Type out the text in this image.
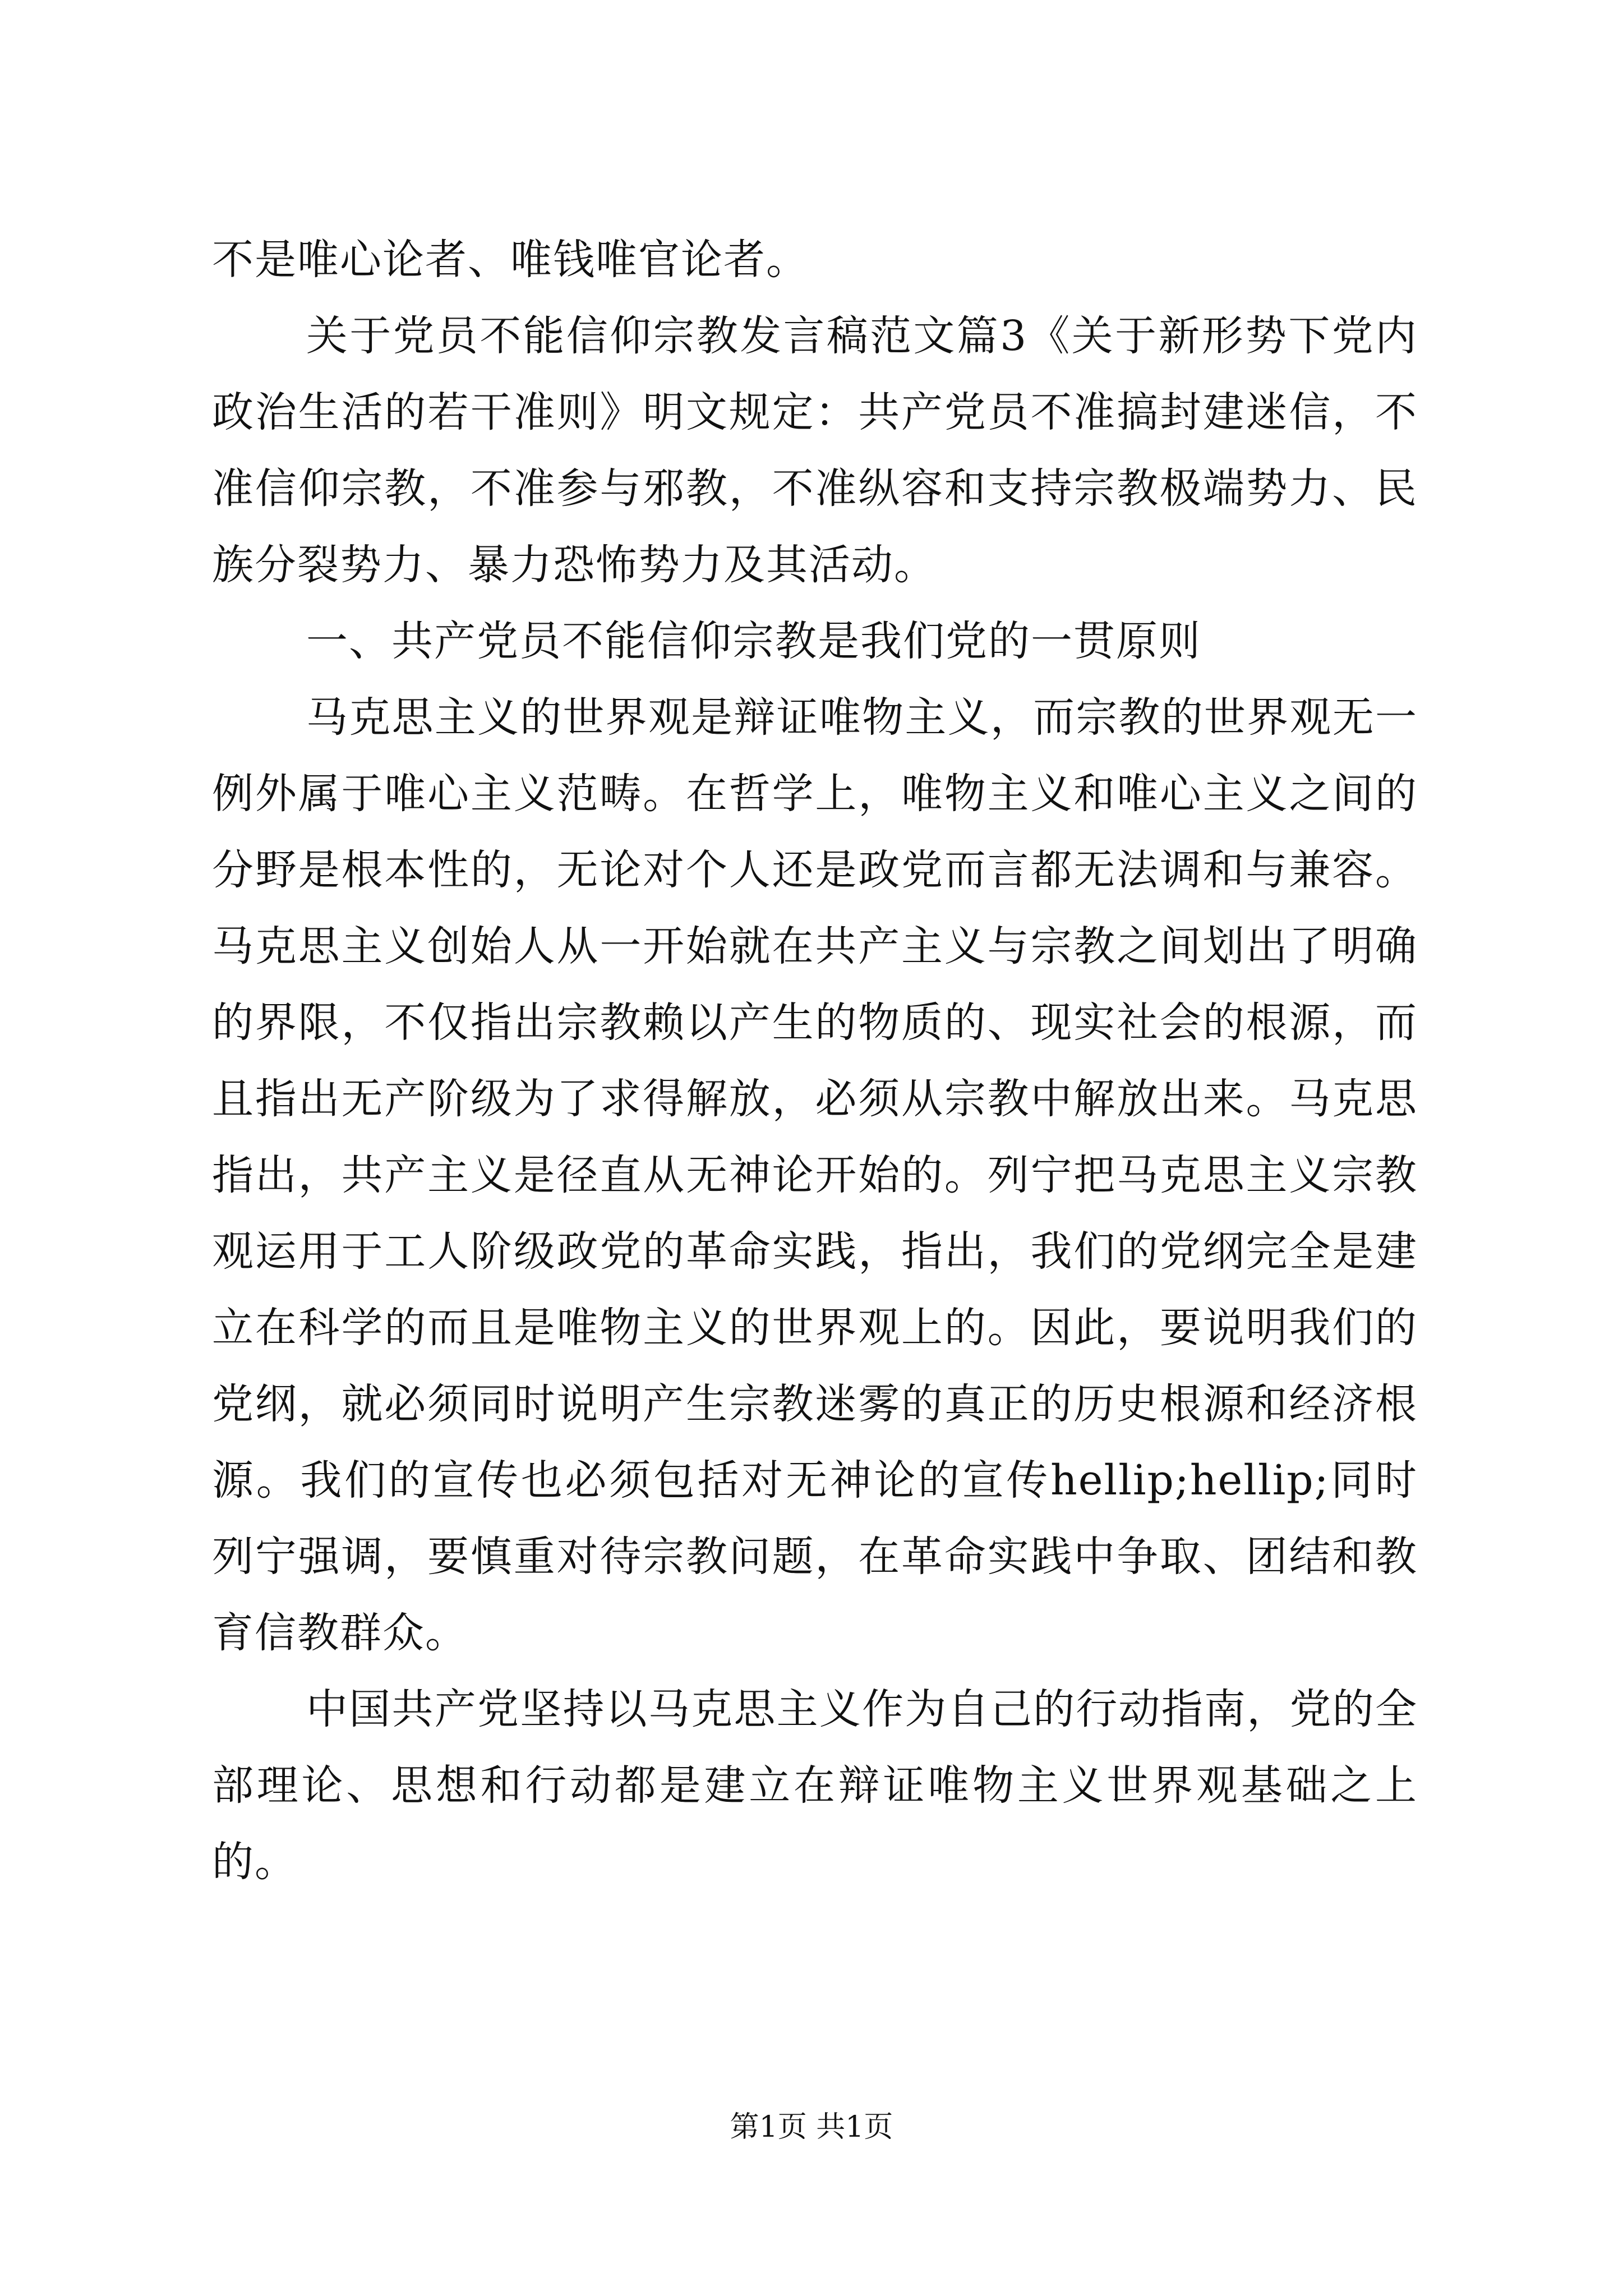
不是唯心论者、唯钱唯官论者。

关于党员不能信仰宗教发言稿范文篇3《关于新形势下党内政治生活的若干准则》明文规定：共产党员不准搞封建迷信，不准信仰宗教，不准参与邪教，不准纵容和支持宗教极端势力、民族分裂势力、暴力恐怖势力及其活动。

一、共产党员不能信仰宗教是我们党的一贯原则

马克思主义的世界观是辩证唯物主义，而宗教的世界观无一例外属于唯心主义范畴。在哲学上，唯物主义和唯心主义之间的分野是根本性的，无论对个人还是政党而言都无法调和与兼容。马克思主义创始人从一开始就在共产主义与宗教之间划出了明确的界限，不仅指出宗教赖以产生的物质的、现实社会的根源，而且指出无产阶级为了求得解放，必须从宗教中解放出来。马克思指出，共产主义是径直从无神论开始的。列宁把马克思主义宗教观运用于工人阶级政党的革命实践，指出，我们的党纲完全是建立在科学的而且是唯物主义的世界观上的。因此，要说明我们的党纲，就必须同时说明产生宗教迷雾的真正的历史根源和经济根源。我们的宣传也必须包括对无神论的宣传hellip;hellip;同时列宁强调，要慎重对待宗教问题，在革命实践中争取、团结和教育信教群众。

中国共产党坚持以马克思主义作为自己的行动指南，党的全部理论、思想和行动都是建立在辩证唯物主义世界观基础之上的。

第1页 共1页
